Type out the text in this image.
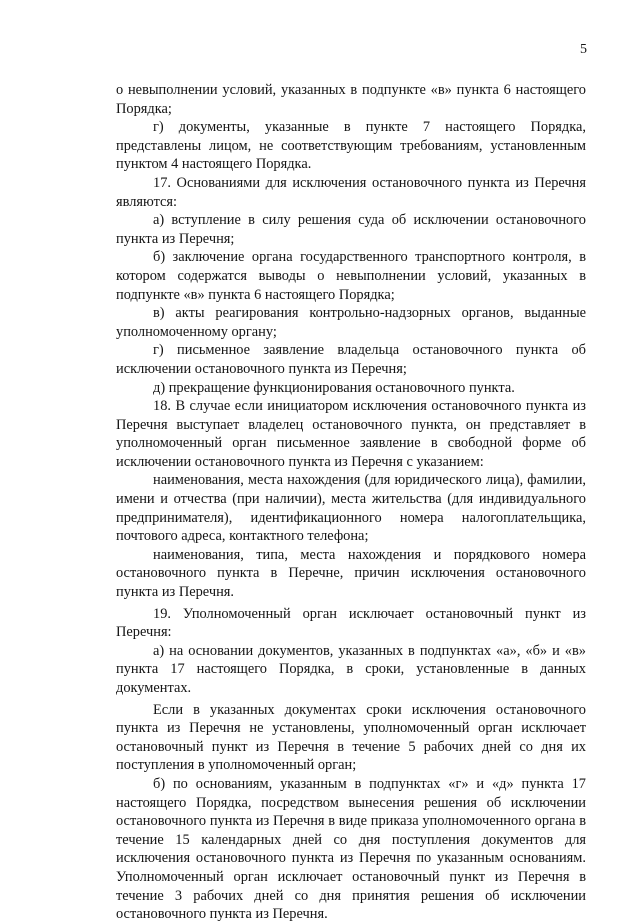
5

о невыполнении условий, указанных в подпункте «в» пункта 6 настоящего Порядка;

г) документы, указанные в пункте 7 настоящего Порядка, представлены лицом, не соответствующим требованиям, установленным пунктом 4 настоящего Порядка.

17. Основаниями для исключения остановочного пункта из Перечня являются:

а) вступление в силу решения суда об исключении остановочного пункта из Перечня;

б) заключение органа государственного транспортного контроля, в котором содержатся выводы о невыполнении условий, указанных в подпункте «в» пункта 6 настоящего Порядка;

в) акты реагирования контрольно-надзорных органов, выданные уполномоченному органу;

г) письменное заявление владельца остановочного пункта об исключении остановочного пункта из Перечня;

д) прекращение функционирования остановочного пункта.

18. В случае если инициатором исключения остановочного пункта из Перечня выступает владелец остановочного пункта, он представляет в уполномоченный орган письменное заявление в свободной форме об исключении остановочного пункта из Перечня с указанием:

наименования, места нахождения (для юридического лица), фамилии, имени и отчества (при наличии), места жительства (для индивидуального предпринимателя), идентификационного номера налогоплательщика, почтового адреса, контактного телефона;

наименования, типа, места нахождения и порядкового номера остановочного пункта в Перечне, причин исключения остановочного пункта из Перечня.

19. Уполномоченный орган исключает остановочный пункт из Перечня:

а) на основании документов, указанных в подпунктах «а», «б» и «в» пункта 17 настоящего Порядка, в сроки, установленные в данных документах.

Если в указанных документах сроки исключения остановочного пункта из Перечня не установлены, уполномоченный орган исключает остановочный пункт из Перечня в течение 5 рабочих дней со дня их поступления в уполномоченный орган;

б) по основаниям, указанным в подпунктах «г» и «д» пункта 17 настоящего Порядка, посредством вынесения решения об исключении остановочного пункта из Перечня в виде приказа уполномоченного органа в течение 15 календарных дней со дня поступления документов для исключения остановочного пункта из Перечня по указанным основаниям. Уполномоченный орган исключает остановочный пункт из Перечня в течение 3 рабочих дней со дня принятия решения об исключении остановочного пункта из Перечня.
